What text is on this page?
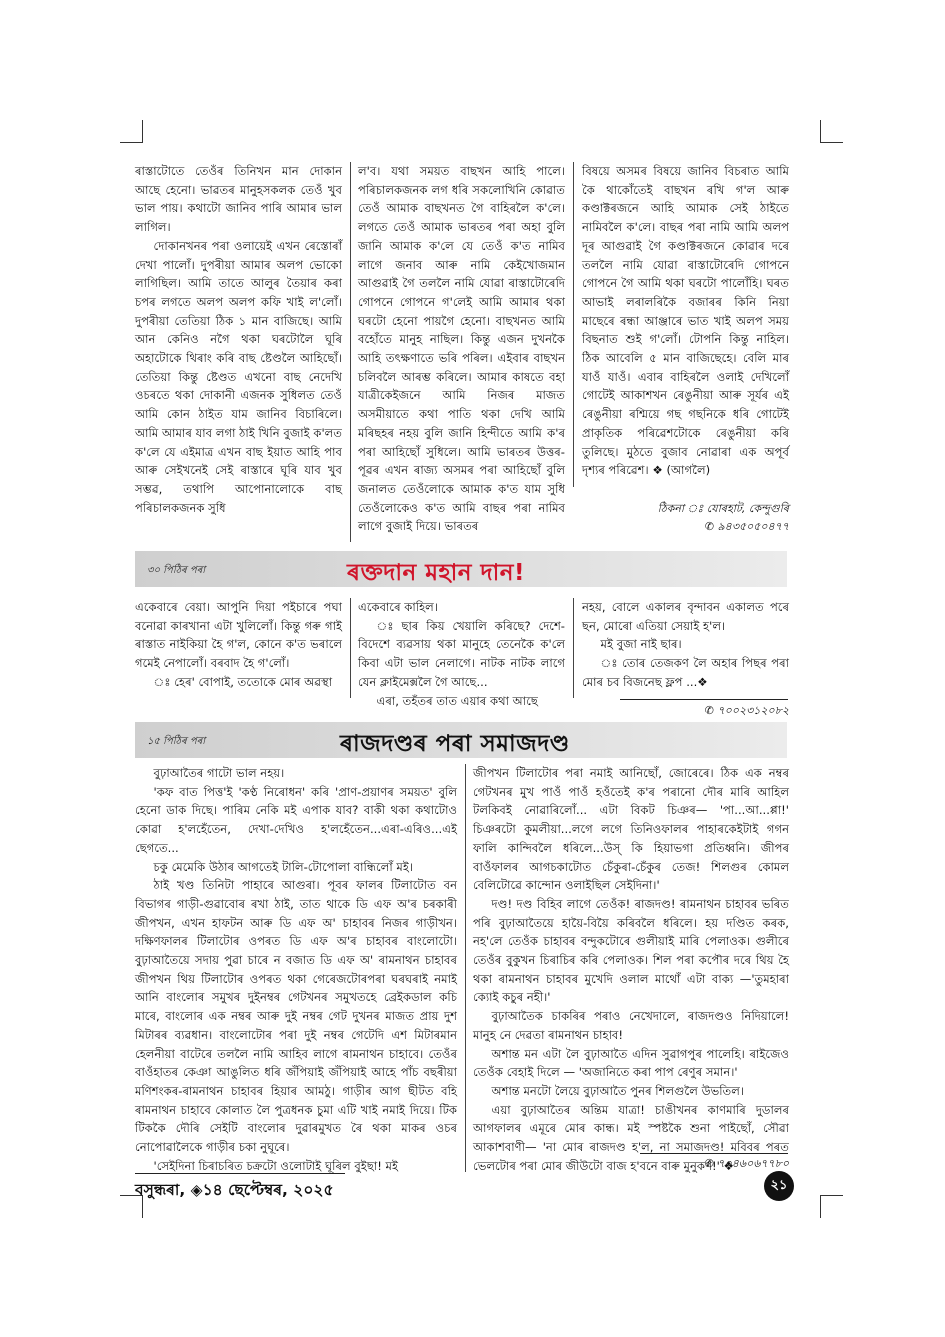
ৰাস্তাটোতে তেওঁৰ তিনিখন মান দোকান আছে হেনো। ভাৱতৰ মানুহসকলক তেওঁ খুব ভাল পায়। কথাটো জানিব পাৰি আমাৰ ভাল লাগিল।

দোকানখনৰ পৰা ওলায়েই এখন ৰেস্তোৰাঁ দেখা পালোঁ। দুপৰীয়া আমাৰ অলপ ভোকো লাগিছিল। আমি তাতে আলুৰ তৈয়াৰ কৰা চপৰ লগতে অলপ অলপ কফি খাই ল'লোঁ। দুপৰীয়া তেতিয়া ঠিক ১ মান বাজিছে। আমি আন কেনিও নগৈ থকা ঘৰটোলৈ ঘূৰি অহাটোকে থিৰাং কৰি বাছ ষ্টেণ্ডলৈ আহিছোঁ। তেতিয়া কিন্তু ষ্টেণ্ডত এখনো বাছ নেদেখি ওচৰতে থকা দোকানী এজনক সুধিলত তেওঁ আমি কোন ঠাইত যাম জানিব বিচাৰিলে। আমি আমাৰ যাব লগা ঠাই খিনি বুজাই ক'লত ক'লে যে এইমাত্ৰ এখন বাছ ইয়াত আহি পাব আৰু সেইখনেই সেই ৰাস্তাৰে ঘূৰি যাব খুব সম্ভৱ, তথাপি আপোনালোকে বাছ পৰিচালকজনক সুধি

ল'ব। যথা সময়ত বাছখন আহি পালে। পৰিচালকজনক লগ ধৰি সকলোখিনি কোৱাত তেওঁ আমাক বাছখনত গৈ বাহিৰলৈ ক'লে। লগতে তেওঁ আমাক ভাৰতৰ পৰা অহা বুলি জানি আমাক ক'লে যে তেওঁ ক'ত নামিব লাগে জনাব আৰু নামি কেইখোজমান আগুৱাই গৈ তললৈ নামি যোৱা ৰাস্তাটোৰেদি গোপনে গোপনে গ'লেই আমি আমাৰ থকা ঘৰটো হেনো পায়গৈ হেনো। বাছখনত আমি বহোঁতে মানুহ নাছিল। কিন্তু এজন দুখনকৈ আহি তৎক্ষণাতে ভৰি পৰিল। এইবাৰ বাছখন চলিবলৈ আৰম্ভ কৰিলে। আমাৰ কাষতে বহা যাত্ৰীকেইজনে আমি নিজৰ মাজত অসমীয়াতে কথা পাতি থকা দেখি আমি মৰিছহৰ নহয় বুলি জানি হিন্দীতে আমি ক'ৰ পৰা আহিছোঁ সুধিলে। আমি ভাৰতৰ উত্তৰ-পূৱৰ এখন ৰাজ্য অসমৰ পৰা আহিছোঁ বুলি জনালত তেওঁলোকে আমাক ক'ত যাম সুধি তেওঁলোকেও ক'ত আমি বাছৰ পৰা নামিব লাগে বুজাই দিয়ে। ভাৰতৰ

বিষয়ে অসমৰ বিষয়ে জানিব বিচৰাত আমি কৈ থাকোঁতেই বাছখন ৰখি গ'ল আৰু কণ্ডাক্টৰজনে আহি আমাক সেই ঠাইতে নামিবলৈ ক'লে। বাছৰ পৰা নামি আমি অলপ দূৰ আগুৱাই গৈ কণ্ডাক্টৰজনে কোৱাৰ দৰে তললৈ নামি যোৱা ৰাস্তাটোৰেদি গোপনে গোপনে গৈ আমি থকা ঘৰটো পালোঁহি। ঘৰত আভাই লৰালৰিকৈ বজাৰৰ কিনি নিয়া মাছেৰে ৰন্ধা আঞ্জাৰে ভাত খাই অলপ সময় বিছনাত শুই গ'লোঁ। টোপনি কিন্তু নাহিল। ঠিক আবেলি ৫ মান বাজিছেহে। বেলি মাৰ যাওঁ যাওঁ। এবাৰ বাহিৰলৈ ওলাই দেখিলোঁ গোটেই আকাশখন ৰেঙুনীয়া আৰু সূৰ্যৰ এই ৰেঙুনীয়া ৰশ্মিয়ে গছ গছনিকে ধৰি গোটেই প্ৰাকৃতিক পৰিৱেশটোকে ৰেঙুনীয়া কৰি তুলিছে। মুঠতে বুজাব নোৱাৰা এক অপূৰ্ব দৃশ্যৰ পৰিৱেশ। ❖ (আগলৈ)

ঠিকনা ঃ যোৰহাট, কেন্দুগুৰি
✆ ৯৪৩৫০৫০৪৭৭
৩০ পিঠিৰ পৰা	ৰক্তদান মহান দান!

একেবাৰে বেয়া। আপুনি দিয়া পইচাৰে পঘা বনোৱা কাৰখানা এটা খুলিলোঁ। কিন্তু গৰু গাই ৰাস্তাত নাইকিয়া হৈ গ'ল, কোনে ক'ত ভৰালে গমেই নেপালোঁ। বৰবাদ হৈ গ'লোঁ।

ঃ হেৰ' বোপাই, ততোকে মোৰ অৱস্থা

একেবাৰে কাহিল।

ঃ ছাৰ কিয় খেয়ালি কৰিছে? দেশে-বিদেশে ব্যৱসায় থকা মানুহে তেনেকৈ ক'লে কিবা এটা ভাল নেলাগে। নাটক নাটক লাগে যেন ক্লাইমেক্সলৈ গৈ আছে...

এৰা, তহঁতৰ তাত এয়াৰ কথা আছে

নহয়, বোলে একালৰ বৃন্দাবন একালত পৰে ছন, মোৰো এতিয়া সেয়াই হ'ল।

মই বুজা নাই ছাৰ।

ঃ তোৰ তেজকণ লৈ অহাৰ পিছৰ পৰা মোৰ চব বিজনেছ ফ্লপ ...❖

✆ ৭০০২৩১২০৮২
১৫ পিঠিৰ পৰা	ৰাজদণ্ডৰ পৰা সমাজদণ্ড

বুঢ়াআতৈৰ গাটো ভাল নহয়।

'কফ বাত পিত্ত'ই 'কণ্ঠ নিৰোধন' কৰি 'প্ৰাণ-প্ৰয়াণৰ সময়ত' বুলি হেনো ডাক দিছে। পাৰিম নেকি মই এপাক যাব? বাকী থকা কথাটোও কোৱা হ'লহেঁতেন, দেখা-দেখিও হ'লহেঁতেন...এৰা-এৰিও...এই ছেগতে...

চকু মেমেকি উঠাৰ আগতেই টালি-টোপোলা বান্ধিলোঁ মই।

ঠাই খণ্ড তিনিটা পাহাৰে আগুৰা। পূবৰ ফালৰ টিলাটোত বন বিভাগৰ গাড়ী-গুৱাবোৰ ৰখা ঠাই, তাত থাকে ডি এফ অ'ৰ চৰকাৰী জীপখন, এখন হাফটন আৰু ডি এফ অ' চাহাবৰ নিজৰ গাড়ীখন। দক্ষিণফালৰ টিলাটোৰ ওপৰত ডি এফ অ'ৰ চাহাবৰ বাংলোটো। বুঢ়াআতৈয়ে সদায় পুৱা চাৰে ন বজাত ডি এফ অ' ৰামনাথন চাহাবৰ জীপখন থিয় টিলাটোৰ ওপৰত থকা গেৰেজটোৰপৰা ঘৰঘৰাই নমাই আনি বাংলোৰ সমুখৰ দুইনম্বৰ গেটখনৰ সমুখতহে ব্ৰেইকডাল কচি মাৰে, বাংলোৰ এক নম্বৰ আৰু দুই নম্বৰ গেট দুখনৰ মাজত প্ৰায় দুশ মিটাৰৰ ব্যৱধান। বাংলোটোৰ পৰা দুই নম্বৰ গেটেদি এশ মিটাৰমান হেলনীয়া বাটেৰে তললৈ নামি আহিব লাগে ৰামনাথন চাহাবে। তেওঁৰ বাওঁহাতৰ কেঞা আঙুলিত ধৰি জঁপিয়াই জঁপিয়াই আহে পাঁচ বছৰীয়া মণিশংকৰ-ৰামনাথন চাহাবৰ হিয়াৰ আমঠু। গাড়ীৰ আগ ছীটত বহি ৰামনাথন চাহাবে কোলাত লৈ পুত্ৰধনক চুমা এটি খাই নমাই দিয়ে। টিক টিককৈ দৌৰি সেইটি বাংলোৰ দুৱাৰমুখত ৰৈ থকা মাকৰ ওচৰ নোপোৱালৈকে গাড়ীৰ চকা নুঘূৰে।

'সেইদিনা চিৰাচৰিত চক্ৰটো ওলোটাই ঘূৰিল বুইছা! মই

জীপখন টিলাটোৰ পৰা নমাই আনিছোঁ, জোৰেৰে। ঠিক এক নম্বৰ গেটখনৰ মুখ পাওঁ পাওঁ হওঁতেই ক'ৰ পৰানো দৌৰ মাৰি আহিল টলকিবই নোৱাৰিলোঁ... এটা বিকট চিঞৰ— 'পা...আ...প্পা!' চিঞৰটো কুমলীয়া...লগে লগে তিনিওফালৰ পাহাৰকেইটাই গগন ফালি কান্দিবলৈ ধৰিলে...উস্ কি হিয়াভগা প্ৰতিধ্বনি। জীপৰ বাওঁফালৰ আগচকাটোত চেঁকুৰা-চেঁকুৰ তেজ! শিলগুৰ কোমল বেলিটোৱে কান্দোন ওলাইছিল সেইদিনা।'

দণ্ড! দণ্ড বিহিব লাগে তেওঁক! ৰাজদণ্ড! ৰামনাথন চাহাবৰ ভৰিত পৰি বুঢ়াআতৈয়ে হায়ৈ-বিয়ৈ কৰিবলৈ ধৰিলে। হয় দণ্ডিত কৰক, নহ'লে তেওঁক চাহাবৰ বন্দুকটোৰে গুলীয়াই মাৰি পেলাওক। গুলীৰে তেওঁৰ বুকুখন চিৰাচিৰ কৰি পেলাওক। শিল পৰা কপৌৰ দৰে থিয় হৈ থকা ৰামনাথন চাহাবৰ মুখেদি ওলাল মাথোঁ এটা বাক্য —'তুমহাৰা ক্যোই কচুৰ নহী।'

বুঢ়াআতৈক চাকৰিৰ পৰাও নেখেদালে, ৰাজদণ্ডও নিদিয়ালে! মানুহ নে দেৱতা ৰামনাথন চাহাব!

অশান্ত মন এটা লৈ বুঢ়াআতৈ এদিন সুৱাগপুৰ পালেহি। ৰাইজেও তেওঁক বেহাই দিলে — 'অজানিতে কৰা পাপ ৰেণুৰ সমান।'

অশান্ত মনটো লৈয়ে বুঢ়াআতৈ পুনৰ শিলগুলৈ উভতিল।

এয়া বুঢ়াআতৈৰ অন্তিম যাত্ৰা! চাঙীখনৰ কাণমাৰি দুডালৰ আগফালৰ এমূৰে মোৰ কান্ধ। মই স্পষ্টকৈ শুনা পাইছোঁ, সৌৱা আকাশবাণী— 'না মোৰ ৰাজদণ্ড হ'ল, না সমাজদণ্ড! মবিবৰ পৰত ভেলটোৰ পৰা মোৰ জীউটো বাজ হ'বনে বাৰু মুনুকণ!' ❖

✆ ৭০৪৬০৬৭৭৮০
বসুন্ধৰা, ◈১৪ ছেপ্টেম্বৰ, ২০২৫	২১
